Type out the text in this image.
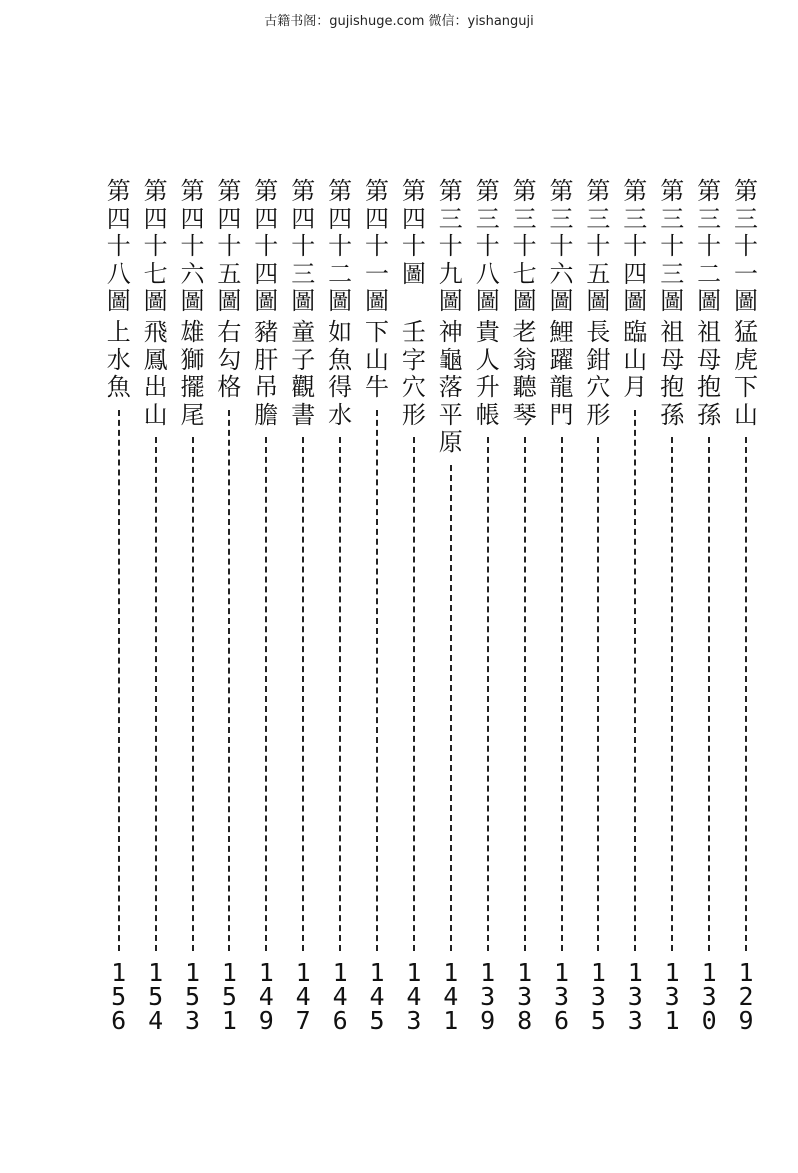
古籍书阁：gujishuge.com 微信：yishanguji
第
三
十
一
圖
猛
虎
下
山
1
2
9
第
三
十
二
圖
祖
母
抱
孫
1
3
0
第
三
十
三
圖
祖
母
抱
孫
1
3
1
第
三
十
四
圖
臨
山
月
1
3
3
第
三
十
五
圖
長
鉗
穴
形
1
3
5
第
三
十
六
圖
鯉
躍
龍
門
1
3
6
第
三
十
七
圖
老
翁
聽
琴
1
3
8
第
三
十
八
圖
貴
人
升
帳
1
3
9
第
三
十
九
圖
神
龜
落
平
原
1
4
1
第
四
十
圖
壬
字
穴
形
1
4
3
第
四
十
一
圖
下
山
牛
1
4
5
第
四
十
二
圖
如
魚
得
水
1
4
6
第
四
十
三
圖
童
子
觀
書
1
4
7
第
四
十
四
圖
豬
肝
吊
膽
1
4
9
第
四
十
五
圖
右
勾
格
1
5
1
第
四
十
六
圖
雄
獅
擺
尾
1
5
3
第
四
十
七
圖
飛
鳳
出
山
1
5
4
第
四
十
八
圖
上
水
魚
1
5
6
